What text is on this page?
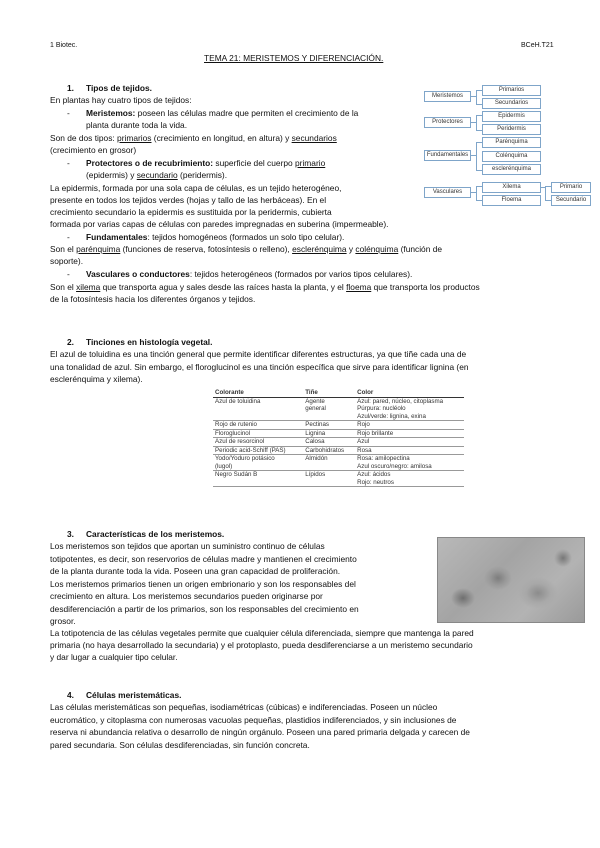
1 Biotec.	BCeH.T21
TEMA 21: MERISTEMOS Y DIFERENCIACIÓN.
1. Tipos de tejidos.
En plantas hay cuatro tipos de tejidos:
- Meristemos: poseen las células madre que permiten el crecimiento de la
planta durante toda la vida.
Son de dos tipos: primarios (crecimiento en longitud, en altura) y secundarios
(crecimiento en grosor)
- Protectores o de recubrimiento: superficie del cuerpo primario
(epidermis) y secundario (peridermis).
La epidermis, formada por una sola capa de células, es un tejido heterogéneo,
presente en todos los tejidos verdes (hojas y tallo de las herbáceas). En el
crecimiento secundario la epidermis es sustituida por la peridermis, cubierta
formada por varias capas de células con paredes impregnadas en suberina (impermeable).
- Fundamentales: tejidos homogéneos (formados un solo tipo celular).
Son el parénquima (funciones de reserva, fotosíntesis o relleno), esclerénquima y colénquima (función de
soporte).
- Vasculares o conductores: tejidos heterogéneos (formados por varios tipos celulares).
Son el xilema que transporta agua y sales desde las raíces hasta la planta, y el floema que transporta los productos
de la fotosíntesis hacia los diferentes órganos y tejidos.
Meristemos
Primarios
Secundarios
Protectores
Epidermis
Peridermis
Fundamentales
Parénquima
Colénquima
esclerénquima
Vasculares
Xilema
Floema
Primario
Secundario
2. Tinciones en histología vegetal.
El azul de toluidina es una tinción general que permite identificar diferentes estructuras, ya que tiñe cada una de
una tonalidad de azul. Sin embargo, el floroglucinol es una tinción específica que sirve para identificar lignina (en
esclerénquima y xilema).
Colorante	Tiñe	Color
Azul de toluidina	Agente
general	Azul: pared, núcleo, citoplasma
Púrpura: nucléolo
Azul/verde: lignina, exina
Rojo de rutenio	Pectinas	Rojo
Floroglucinol	Lignina	Rojo brillante
Azul de resorcinol	Calosa	Azul
Periodic acid-Schiff (PAS)	Carbohidratos	Rosa
Yodo/Yoduro potásico
(lugol)	Almidón	Rosa: amilopectina
Azul oscuro/negro: amilosa
Negro Sudán B	Lípidos	Azul: ácidos
Rojo: neutros
3. Características de los meristemos.
Los meristemos son tejidos que aportan un suministro continuo de células
totipotentes, es decir, son reservorios de células madre y mantienen el crecimiento
de la planta durante toda la vida. Poseen una gran capacidad de proliferación.
Los meristemos primarios tienen un origen embrionario y son los responsables del
crecimiento en altura. Los meristemos secundarios pueden originarse por
desdiferenciación a partir de los primarios, son los responsables del crecimiento en
grosor.
La totipotencia de las células vegetales permite que cualquier célula diferenciada, siempre que mantenga la pared
primaria (no haya desarrollado la secundaria) y el protoplasto, pueda desdiferenciarse a un meristemo secundario
y dar lugar a cualquier tipo celular.
4. Células meristemáticas.
Las células meristemáticas son pequeñas, isodiamétricas (cúbicas) e indiferenciadas. Poseen un núcleo
eucromático, y citoplasma con numerosas vacuolas pequeñas, plastidios indiferenciados, y sin inclusiones de
reserva ni abundancia relativa o desarrollo de ningún orgánulo. Poseen una pared primaria delgada y carecen de
pared secundaria. Son células desdiferenciadas, sin función concreta.
